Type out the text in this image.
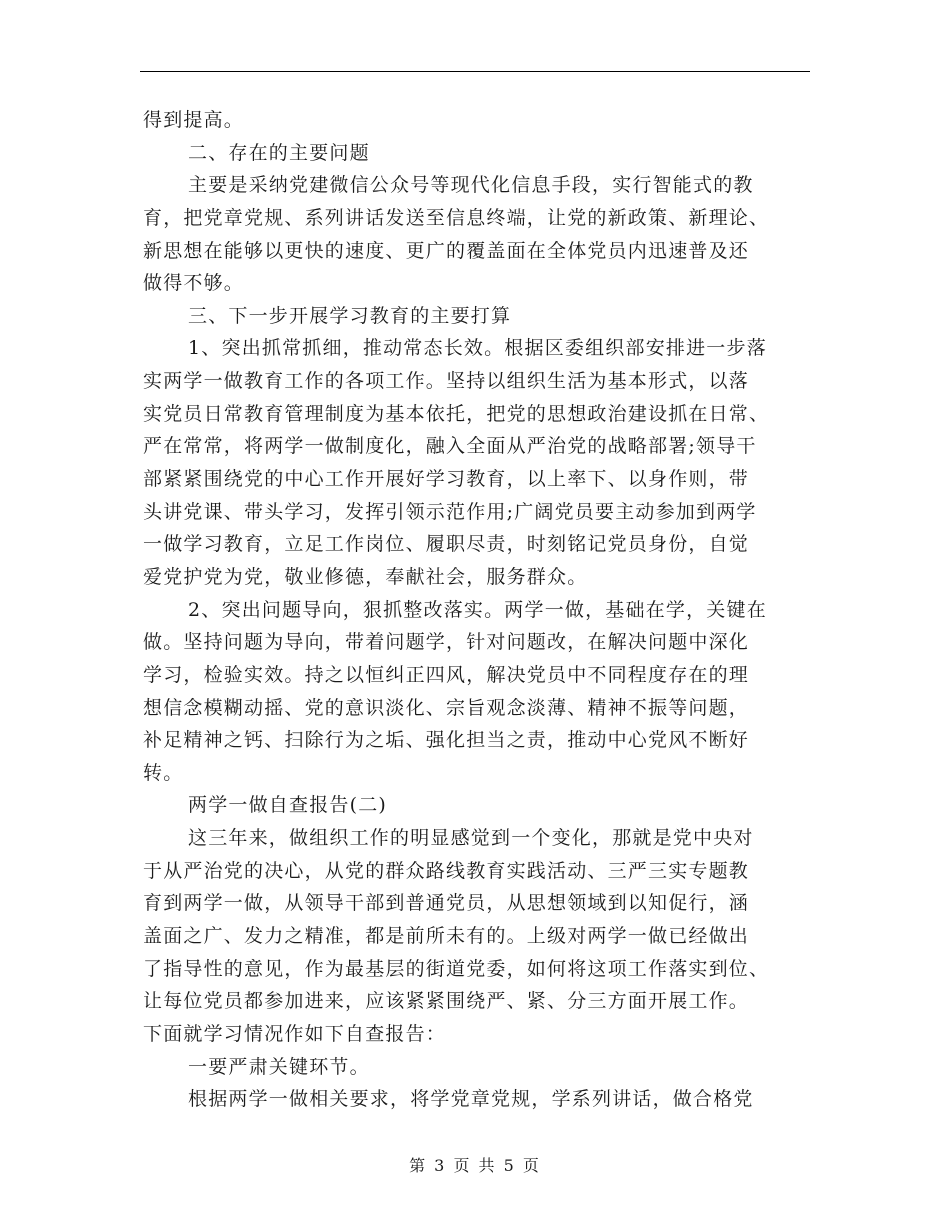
得到提高。
二、存在的主要问题
主要是采纳党建微信公众号等现代化信息手段，实行智能式的教
育，把党章党规、系列讲话发送至信息终端，让党的新政策、新理论、
新思想在能够以更快的速度、更广的覆盖面在全体党员内迅速普及还
做得不够。
三、下一步开展学习教育的主要打算
1、突出抓常抓细，推动常态长效。根据区委组织部安排进一步落
实两学一做教育工作的各项工作。坚持以组织生活为基本形式，以落
实党员日常教育管理制度为基本依托，把党的思想政治建设抓在日常、
严在常常，将两学一做制度化，融入全面从严治党的战略部署;领导干
部紧紧围绕党的中心工作开展好学习教育，以上率下、以身作则，带
头讲党课、带头学习，发挥引领示范作用;广阔党员要主动参加到两学
一做学习教育，立足工作岗位、履职尽责，时刻铭记党员身份，自觉
爱党护党为党，敬业修德，奉献社会，服务群众。
2、突出问题导向，狠抓整改落实。两学一做，基础在学，关键在
做。坚持问题为导向，带着问题学，针对问题改，在解决问题中深化
学习，检验实效。持之以恒纠正四风，解决党员中不同程度存在的理
想信念模糊动摇、党的意识淡化、宗旨观念淡薄、精神不振等问题，
补足精神之钙、扫除行为之垢、强化担当之责，推动中心党风不断好
转。
两学一做自查报告(二)
这三年来，做组织工作的明显感觉到一个变化，那就是党中央对
于从严治党的决心，从党的群众路线教育实践活动、三严三实专题教
育到两学一做，从领导干部到普通党员，从思想领域到以知促行，涵
盖面之广、发力之精准，都是前所未有的。上级对两学一做已经做出
了指导性的意见，作为最基层的街道党委，如何将这项工作落实到位、
让每位党员都参加进来，应该紧紧围绕严、紧、分三方面开展工作。
下面就学习情况作如下自查报告：
一要严肃关键环节。
根据两学一做相关要求，将学党章党规，学系列讲话，做合格党
第 3 页 共 5 页
